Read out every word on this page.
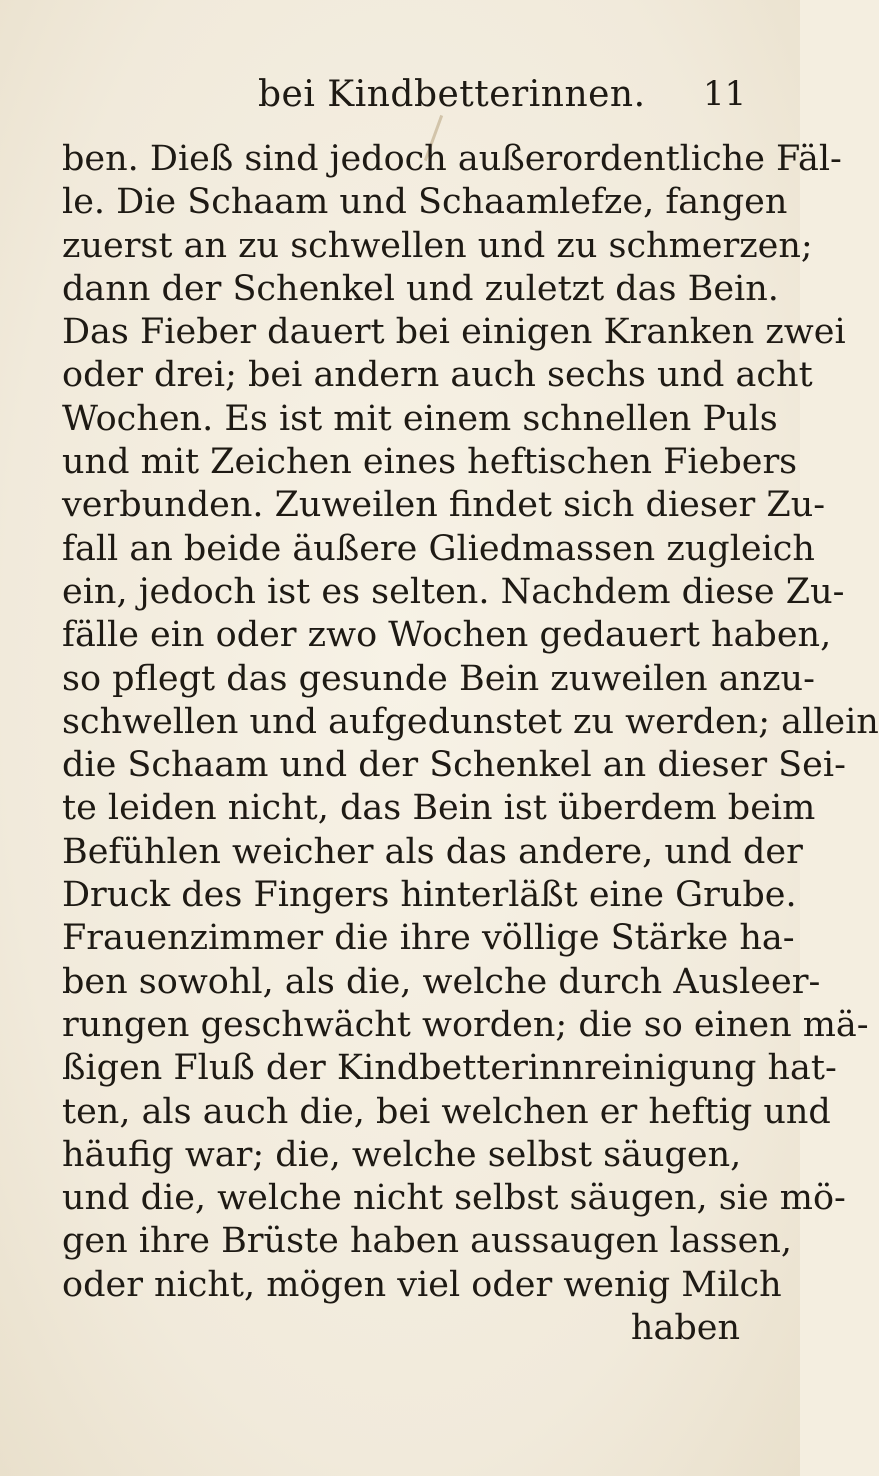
bei Kindbetterinnen. 11
ben. Dieß sind jedoch außerordentliche Fäl-
le. Die Schaam und Schaamlefze, fangen
zuerst an zu schwellen und zu schmerzen;
dann der Schenkel und zuletzt das Bein.
Das Fieber dauert bei einigen Kranken zwei
oder drei; bei andern auch sechs und acht
Wochen. Es ist mit einem schnellen Puls
und mit Zeichen eines heftischen Fiebers
verbunden. Zuweilen findet sich dieser Zu-
fall an beide äußere Gliedmassen zugleich
ein, jedoch ist es selten. Nachdem diese Zu-
fälle ein oder zwo Wochen gedauert haben,
so pflegt das gesunde Bein zuweilen anzu-
schwellen und aufgedunstet zu werden; allein
die Schaam und der Schenkel an dieser Sei-
te leiden nicht, das Bein ist überdem beim
Befühlen weicher als das andere, und der
Druck des Fingers hinterläßt eine Grube.
Frauenzimmer die ihre völlige Stärke ha-
ben sowohl, als die, welche durch Ausleer-
rungen geschwächt worden; die so einen mä-
ßigen Fluß der Kindbetterinnreinigung hat-
ten, als auch die, bei welchen er heftig und
häufig war; die, welche selbst säugen,
und die, welche nicht selbst säugen, sie mö-
gen ihre Brüste haben aussaugen lassen,
oder nicht, mögen viel oder wenig Milch
haben
